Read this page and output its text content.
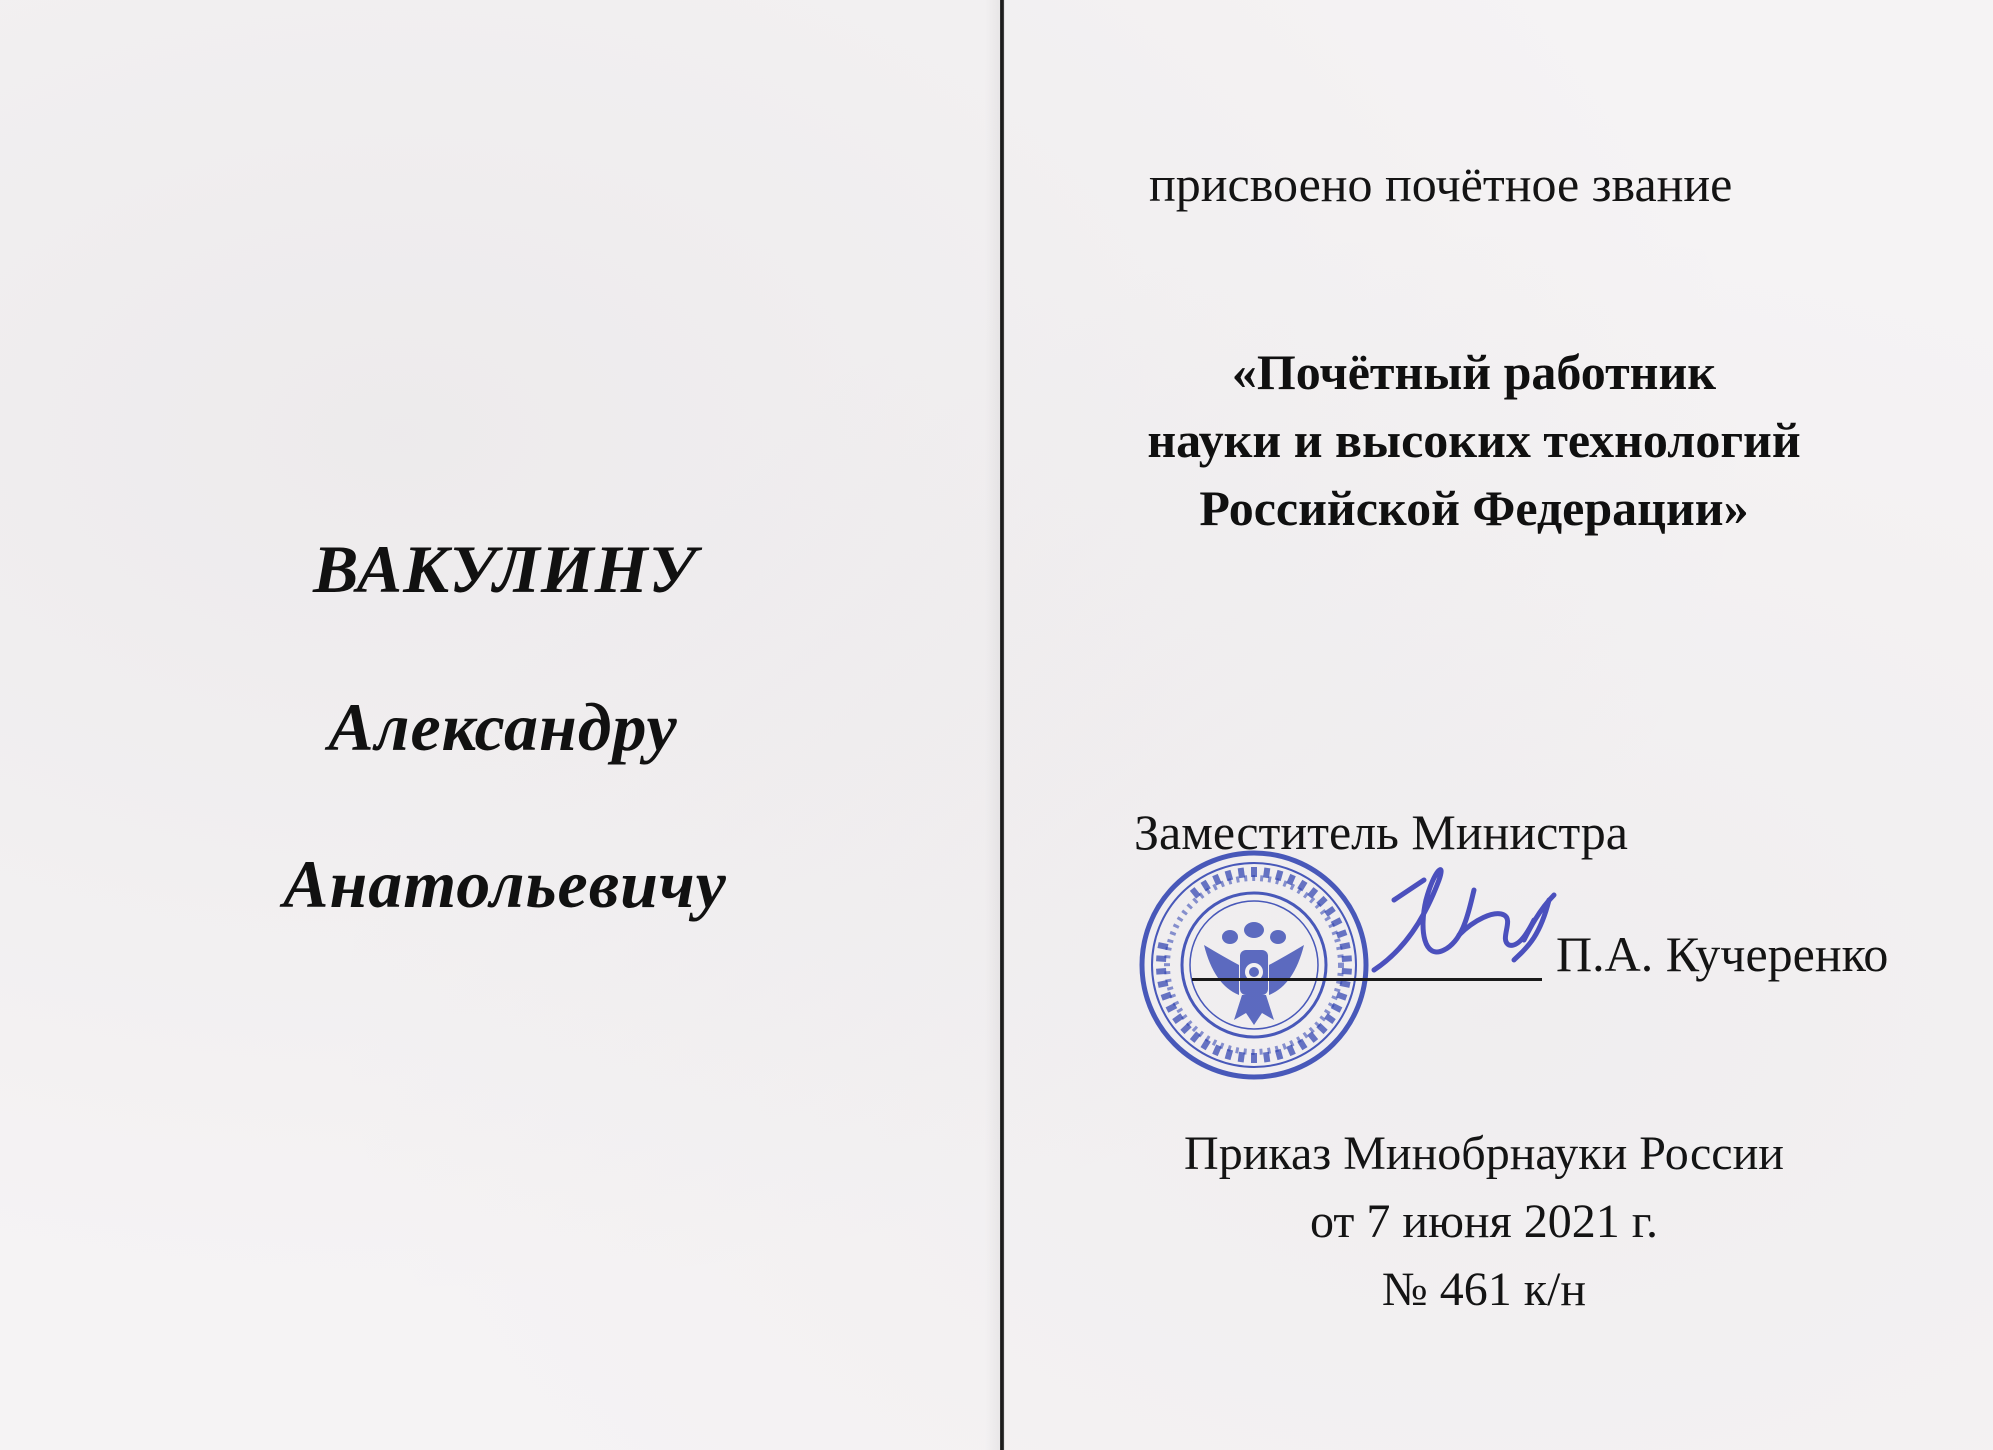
ВАКУЛИНУ
Александру
Анатольевичу
присвоено почётное звание
«Почётный работник
науки и высоких технологий
Российской Федерации»
Заместитель Министра
П.А. Кучеренко
Приказ Минобрнауки России
от 7 июня 2021 г.
№ 461 к/н
